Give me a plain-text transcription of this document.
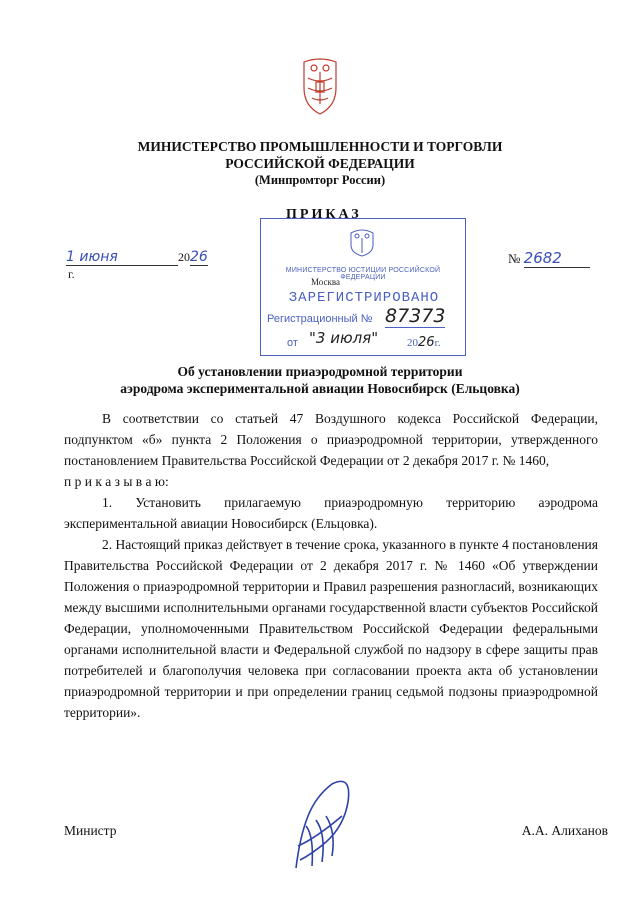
МИНИСТЕРСТВО ПРОМЫШЛЕННОСТИ И ТОРГОВЛИ
РОССИЙСКОЙ ФЕДЕРАЦИИ
(Минпромторг России)
МИНИСТЕРСТВО ЮСТИЦИИ РОССИЙСКОЙ ФЕДЕРАЦИИ
Москва
ЗАРЕГИСТРИРОВАНО
Регистрационный № 87373
от "3 июля"	2026г.
ПРИКАЗ
1 июня	2026г.
№ 2682
Об установлении приаэродромной территории
аэродрома экспериментальной авиации Новосибирск (Ельцовка)

В соответствии со статьей 47 Воздушного кодекса Российской Федерации, подпунктом «б» пункта 2 Положения о приаэродромной территории, утвержденного постановлением Правительства Российской Федерации от 2 декабря 2017 г. № 1460,

п р и к а з ы в а ю:

1. Установить прилагаемую приаэродромную территорию аэродрома экспериментальной авиации Новосибирск (Ельцовка).

2. Настоящий приказ действует в течение срока, указанного в пункте 4 постановления Правительства Российской Федерации от 2 декабря 2017 г. № 1460 «Об утверждении Положения о приаэродромной территории и Правил разрешения разногласий, возникающих между высшими исполнительными органами государственной власти субъектов Российской Федерации, уполномоченными Правительством Российской Федерации федеральными органами исполнительной власти и Федеральной службой по надзору в сфере защиты прав потребителей и благополучия человека при согласовании проекта акта об установлении приаэродромной территории и при определении границ седьмой подзоны приаэродромной территории».

Министр	А.А. Алиханов
